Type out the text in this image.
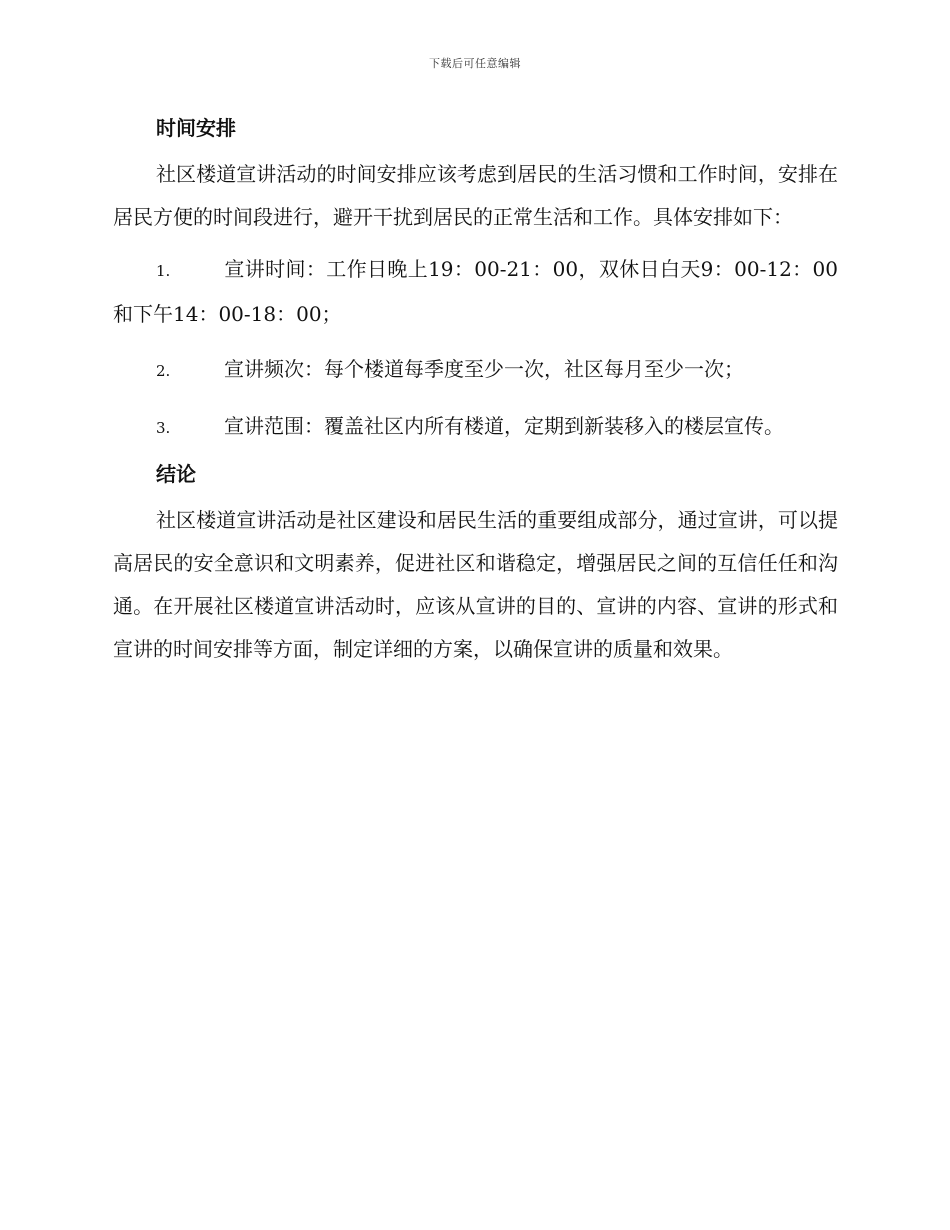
下载后可任意编辑
时间安排

社区楼道宣讲活动的时间安排应该考虑到居民的生活习惯和工作时间，安排在居民方便的时间段进行，避开干扰到居民的正常生活和工作。具体安排如下：

1.	宣讲时间：工作日晚上19：00-21：00，双休日白天9：00-12：00和下午14：00-18：00；

2.	宣讲频次：每个楼道每季度至少一次，社区每月至少一次；

3.	宣讲范围：覆盖社区内所有楼道，定期到新装移入的楼层宣传。

结论

社区楼道宣讲活动是社区建设和居民生活的重要组成部分，通过宣讲，可以提高居民的安全意识和文明素养，促进社区和谐稳定，增强居民之间的互信任任和沟通。在开展社区楼道宣讲活动时，应该从宣讲的目的、宣讲的内容、宣讲的形式和宣讲的时间安排等方面，制定详细的方案，以确保宣讲的质量和效果。
